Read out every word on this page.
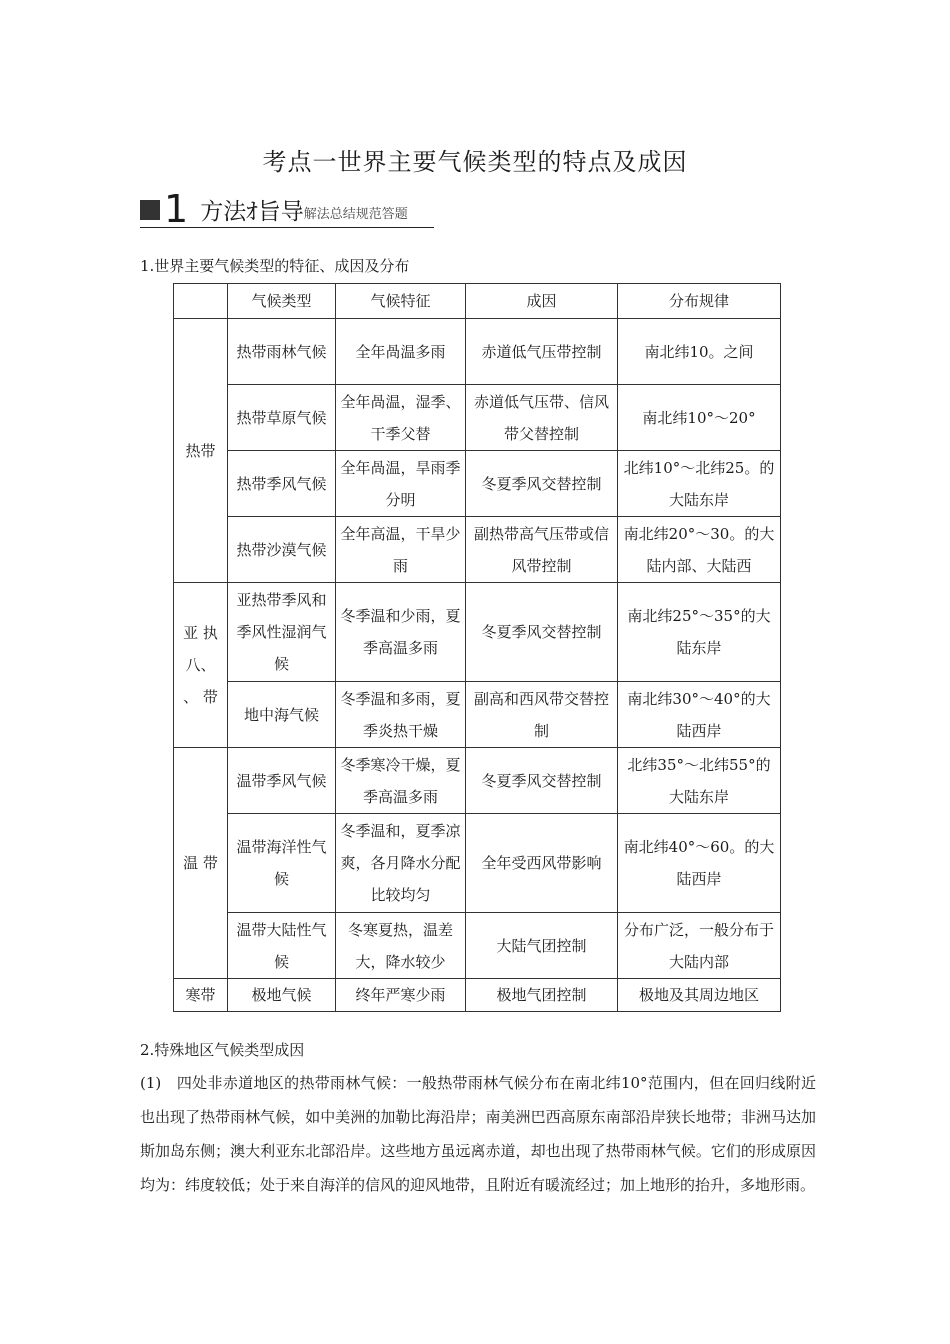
考点一世界主要气候类型的特点及成因
1 方法ｵ旨导 解法总结规范答题
1.世界主要气候类型的特征、成因及分布
	气候类型	气候特征	成因	分布规律
热带	热带雨林气候	全年咼温多雨	赤道低气压带控制	南北纬10。之间
	热带草原气候	全年咼温，湿季、干季父替	赤道低气压带、信风带父替控制	南北纬10°〜20°
	热带季风气候	全年咼温，旱雨季分明	冬夏季风交替控制	北纬10°〜北纬25。的大陆东岸
	热带沙漠气候	全年高温，干旱少雨	副热带高气压带或信风带控制	南北纬20°〜30。的大陆内部、大陆西
亚 执 八、 、 带	亚热带季风和季风性湿润气候	冬季温和少雨，夏季高温多雨	冬夏季风交替控制	南北纬25°〜35°的大陆东岸
	地中海气候	冬季温和多雨，夏季炎热干燥	副高和西风带交替控制	南北纬30°〜40°的大陆西岸
温 带	温带季风气候	冬季寒冷干燥，夏季高温多雨	冬夏季风交替控制	北纬35°〜北纬55°的大陆东岸
	温带海洋性气候	冬季温和，夏季凉爽，各月降水分配比较均匀	全年受西风带影响	南北纬40°〜60。的大陆西岸
	温带大陆性气候	冬寒夏热，温差大，降水较少	大陆气团控制	分布广泛，一般分布于大陆内部
寒带	极地气候	终年严寒少雨	极地气团控制	极地及其周边地区
2.特殊地区气候类型成因
(1)　四处非赤道地区的热带雨林气候：一般热带雨林气候分布在南北纬10°范围内，但在回归线附近也出现了热带雨林气候，如中美洲的加勒比海沿岸；南美洲巴西高原东南部沿岸狭长地带；非洲马达加斯加岛东侧；澳大利亚东北部沿岸。这些地方虽远离赤道，却也出现了热带雨林气候。它们的形成原因均为：纬度较低；处于来自海洋的信风的迎风地带，且附近有暖流经过；加上地形的抬升，多地形雨。
